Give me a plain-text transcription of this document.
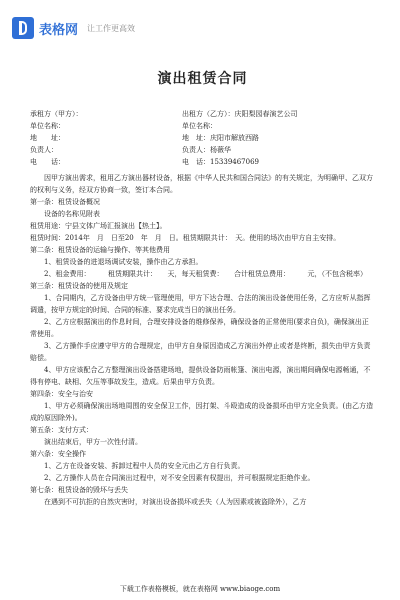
表格网 让工作更高效
演出租赁合同
承租方（甲方）：	出租方（乙方）：庆阳梨园春演艺公司
单位名称：	单位名称：
地　　址：	地　址：庆阳市解放西路
负责人：	负责人：杨薇华
电　　话：	电　话：15339467069

因甲方演出需求，租用乙方演出器材设备，根据《中华人民共和国合同法》的有关规定，为明确甲、乙双方的权利与义务，经双方协商一致，签订本合同。

第一条：租赁设备概况

设备的名称见附表

租赁用途：宁县文体广场汇报演出【热土】。

租赁时间：2014年　月　日至20　年　月　日。租赁期限共计：　天。使用的场次由甲方自主安排。

第二条：租赁设备的运输与操作、等其他费用

1、租赁设备的进退场调试安装，操作由乙方承担。

2、租金费用：　　　租赁期限共计：　　天，每天租赁费：　　合计租赁总费用：　　　元，（不包含税率）

第三条：租赁设备的使用及规定

1、合同期内，乙方设备由甲方统一管理使用，甲方下达合理、合法的演出设备使用任务，乙方应听从指挥调遣，按甲方规定的时间、合同的标准、要求完成当日的演出任务。

2、乙方应根据演出的作息时间，合理安排设备的维修保养，确保设备的正常使用(要求自负)，确保演出正常使用。

3、乙方操作手应遵守甲方的合理规定，由甲方自身原因造成乙方演出外停止或者是终断，损失由甲方负责赔偿。

4、甲方应该配合乙方整理演出设备搭建场地，提供设备防雨帐篷、演出电源，演出期间确保电源畅通，不得有停电、缺相、欠压等事故发生，造成。后果由甲方负责。

第四条：安全与治安

1、甲方必须确保演出场地周围的安全保卫工作，因打架、斗殴造成的设备损坏由甲方完全负责。(由乙方造成的原因除外)。

第五条：支付方式：

演出结束后，甲方一次性付清。

第六条：安全操作

1、乙方在设备安装、拆卸过程中人员的安全元由乙方自行负责。

2、乙方操作人员在合同演出过程中，对不安全因素有权提出，并可根据规定拒绝作业。

第七条：租赁设备的毁坏与丢失

在遇到不可抗拒的自然灾害时，对演出设备损坏或丢失（人为因素或被盗除外），乙方

下载工作表格模板，就在表格网 www.biaoge.com
